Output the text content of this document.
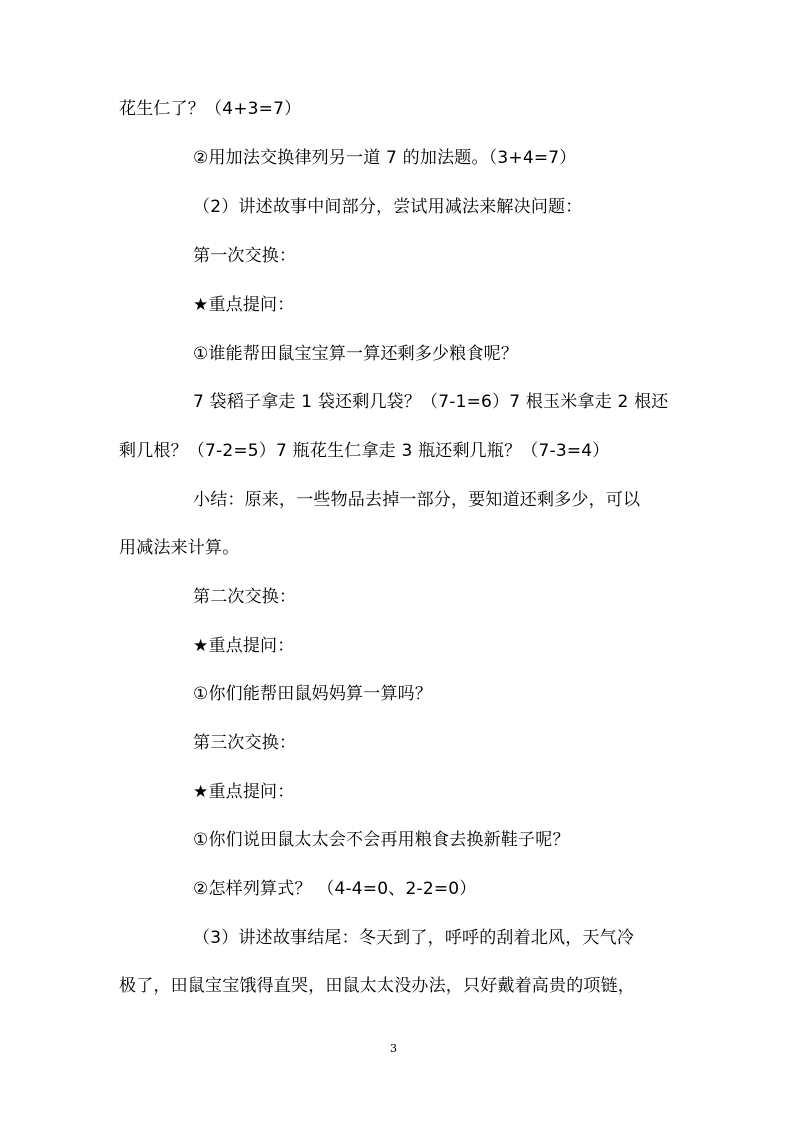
花生仁了？（4+3=7）
②用加法交换律列另一道 7 的加法题。（3+4=7）
（2）讲述故事中间部分，尝试用减法来解决问题：
第一次交换：
★重点提问：
①谁能帮田鼠宝宝算一算还剩多少粮食呢？
7 袋稻子拿走 1 袋还剩几袋？（7-1=6）7 根玉米拿走 2 根还
剩几根？（7-2=5）7 瓶花生仁拿走 3 瓶还剩几瓶？（7-3=4）
小结：原来，一些物品去掉一部分，要知道还剩多少，可以
用减法来计算。
第二次交换：
★重点提问：
①你们能帮田鼠妈妈算一算吗？
第三次交换：
★重点提问：
①你们说田鼠太太会不会再用粮食去换新鞋子呢？
②怎样列算式？ （4-4=0、2-2=0）
（3）讲述故事结尾：冬天到了，呼呼的刮着北风，天气冷
极了，田鼠宝宝饿得直哭，田鼠太太没办法，只好戴着高贵的项链，
3
